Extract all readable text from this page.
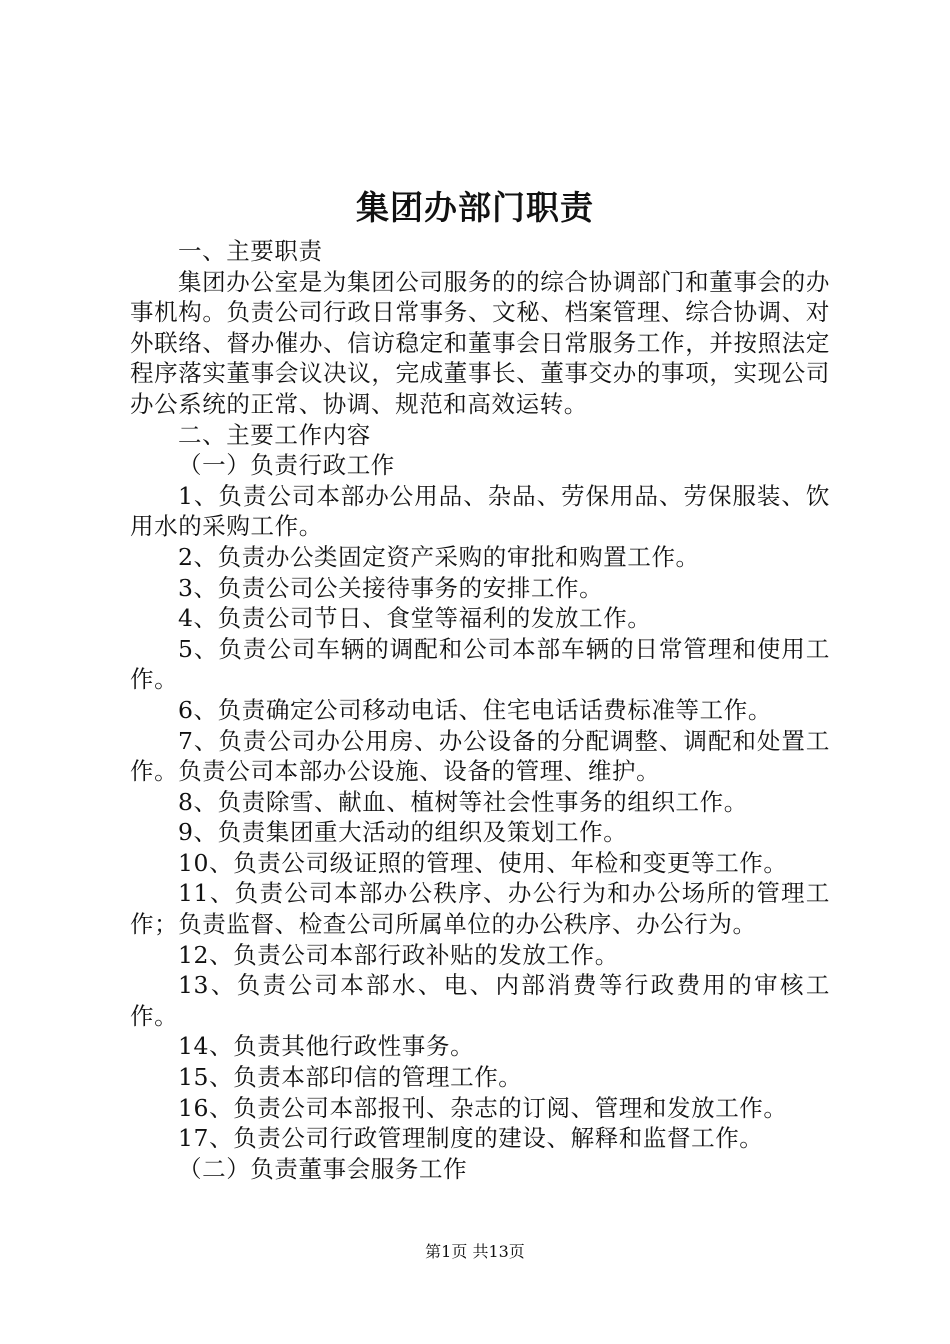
集团办部门职责

一、主要职责

集团办公室是为集团公司服务的的综合协调部门和董事会的办事机构。负责公司行政日常事务、文秘、档案管理、综合协调、对外联络、督办催办、信访稳定和董事会日常服务工作，并按照法定程序落实董事会议决议，完成董事长、董事交办的事项，实现公司办公系统的正常、协调、规范和高效运转。

二、主要工作内容

（一）负责行政工作

1、负责公司本部办公用品、杂品、劳保用品、劳保服装、饮用水的采购工作。

2、负责办公类固定资产采购的审批和购置工作。

3、负责公司公关接待事务的安排工作。

4、负责公司节日、食堂等福利的发放工作。

5、负责公司车辆的调配和公司本部车辆的日常管理和使用工作。

6、负责确定公司移动电话、住宅电话话费标准等工作。

7、负责公司办公用房、办公设备的分配调整、调配和处置工作。负责公司本部办公设施、设备的管理、维护。

8、负责除雪、献血、植树等社会性事务的组织工作。

9、负责集团重大活动的组织及策划工作。

10、负责公司级证照的管理、使用、年检和变更等工作。

11、负责公司本部办公秩序、办公行为和办公场所的管理工作；负责监督、检查公司所属单位的办公秩序、办公行为。

12、负责公司本部行政补贴的发放工作。

13、负责公司本部水、电、内部消费等行政费用的审核工作。

14、负责其他行政性事务。

15、负责本部印信的管理工作。

16、负责公司本部报刊、杂志的订阅、管理和发放工作。

17、负责公司行政管理制度的建设、解释和监督工作。

（二）负责董事会服务工作

第1页 共13页
